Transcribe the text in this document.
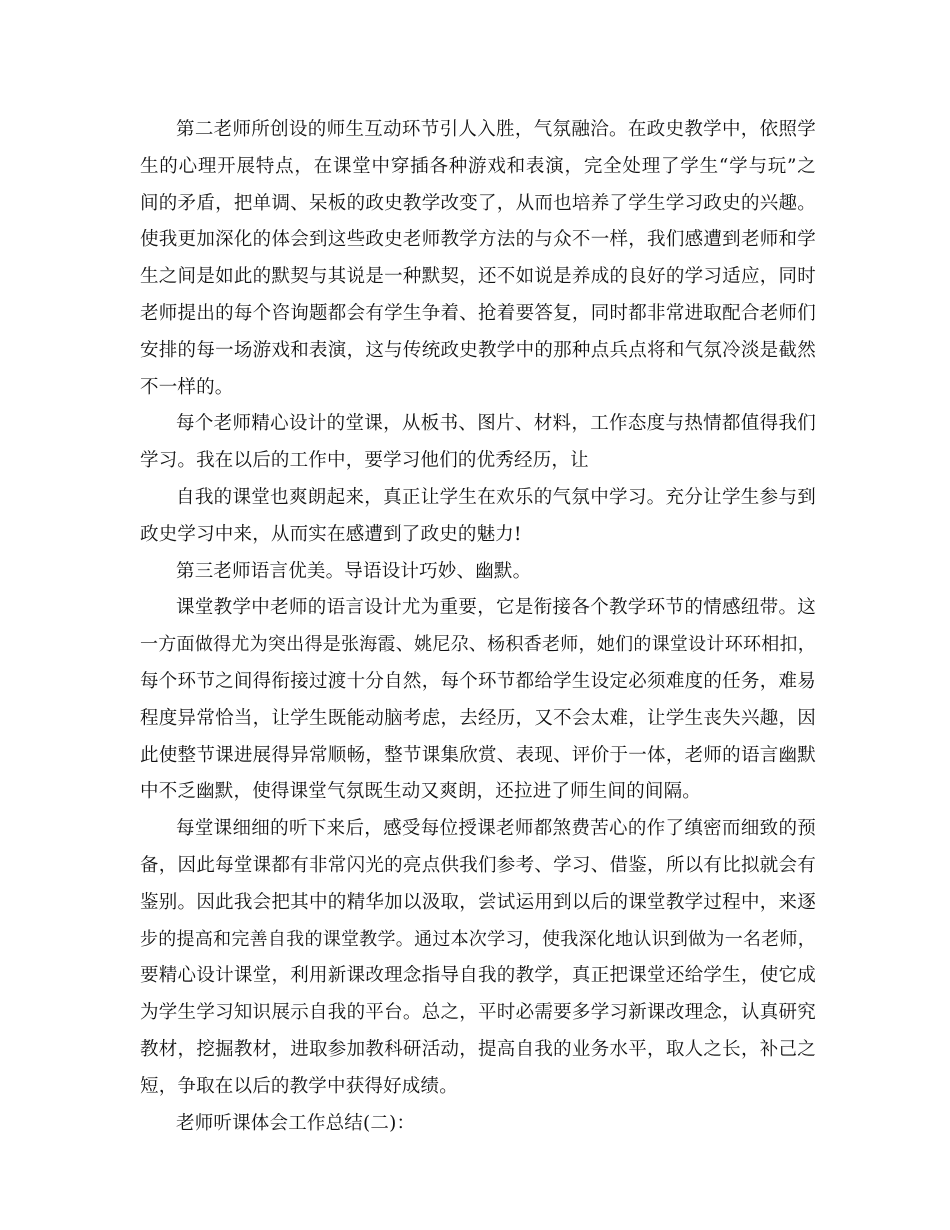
第二老师所创设的师生互动环节引人入胜，气氛融洽。在政史教学中，依照学
生的心理开展特点，在课堂中穿插各种游戏和表演，完全处理了学生“学与玩”之
间的矛盾，把单调、呆板的政史教学改变了，从而也培养了学生学习政史的兴趣。
使我更加深化的体会到这些政史老师教学方法的与众不一样，我们感遭到老师和学
生之间是如此的默契与其说是一种默契，还不如说是养成的良好的学习适应，同时
老师提出的每个咨询题都会有学生争着、抢着要答复，同时都非常进取配合老师们
安排的每一场游戏和表演，这与传统政史教学中的那种点兵点将和气氛冷淡是截然
不一样的。
每个老师精心设计的堂课，从板书、图片、材料，工作态度与热情都值得我们
学习。我在以后的工作中，要学习他们的优秀经历，让
自我的课堂也爽朗起来，真正让学生在欢乐的气氛中学习。充分让学生参与到
政史学习中来，从而实在感遭到了政史的魅力!
第三老师语言优美。导语设计巧妙、幽默。
课堂教学中老师的语言设计尤为重要，它是衔接各个教学环节的情感纽带。这
一方面做得尤为突出得是张海霞、姚尼尕、杨积香老师，她们的课堂设计环环相扣，
每个环节之间得衔接过渡十分自然，每个环节都给学生设定必须难度的任务，难易
程度异常恰当，让学生既能动脑考虑，去经历，又不会太难，让学生丧失兴趣，因
此使整节课进展得异常顺畅，整节课集欣赏、表现、评价于一体，老师的语言幽默
中不乏幽默，使得课堂气氛既生动又爽朗，还拉进了师生间的间隔。
每堂课细细的听下来后，感受每位授课老师都煞费苦心的作了缜密而细致的预
备，因此每堂课都有非常闪光的亮点供我们参考、学习、借鉴，所以有比拟就会有
鉴别。因此我会把其中的精华加以汲取，尝试运用到以后的课堂教学过程中，来逐
步的提高和完善自我的课堂教学。通过本次学习，使我深化地认识到做为一名老师，
要精心设计课堂，利用新课改理念指导自我的教学，真正把课堂还给学生，使它成
为学生学习知识展示自我的平台。总之，平时必需要多学习新课改理念，认真研究
教材，挖掘教材，进取参加教科研活动，提高自我的业务水平，取人之长，补己之
短，争取在以后的教学中获得好成绩。
老师听课体会工作总结(二)：
